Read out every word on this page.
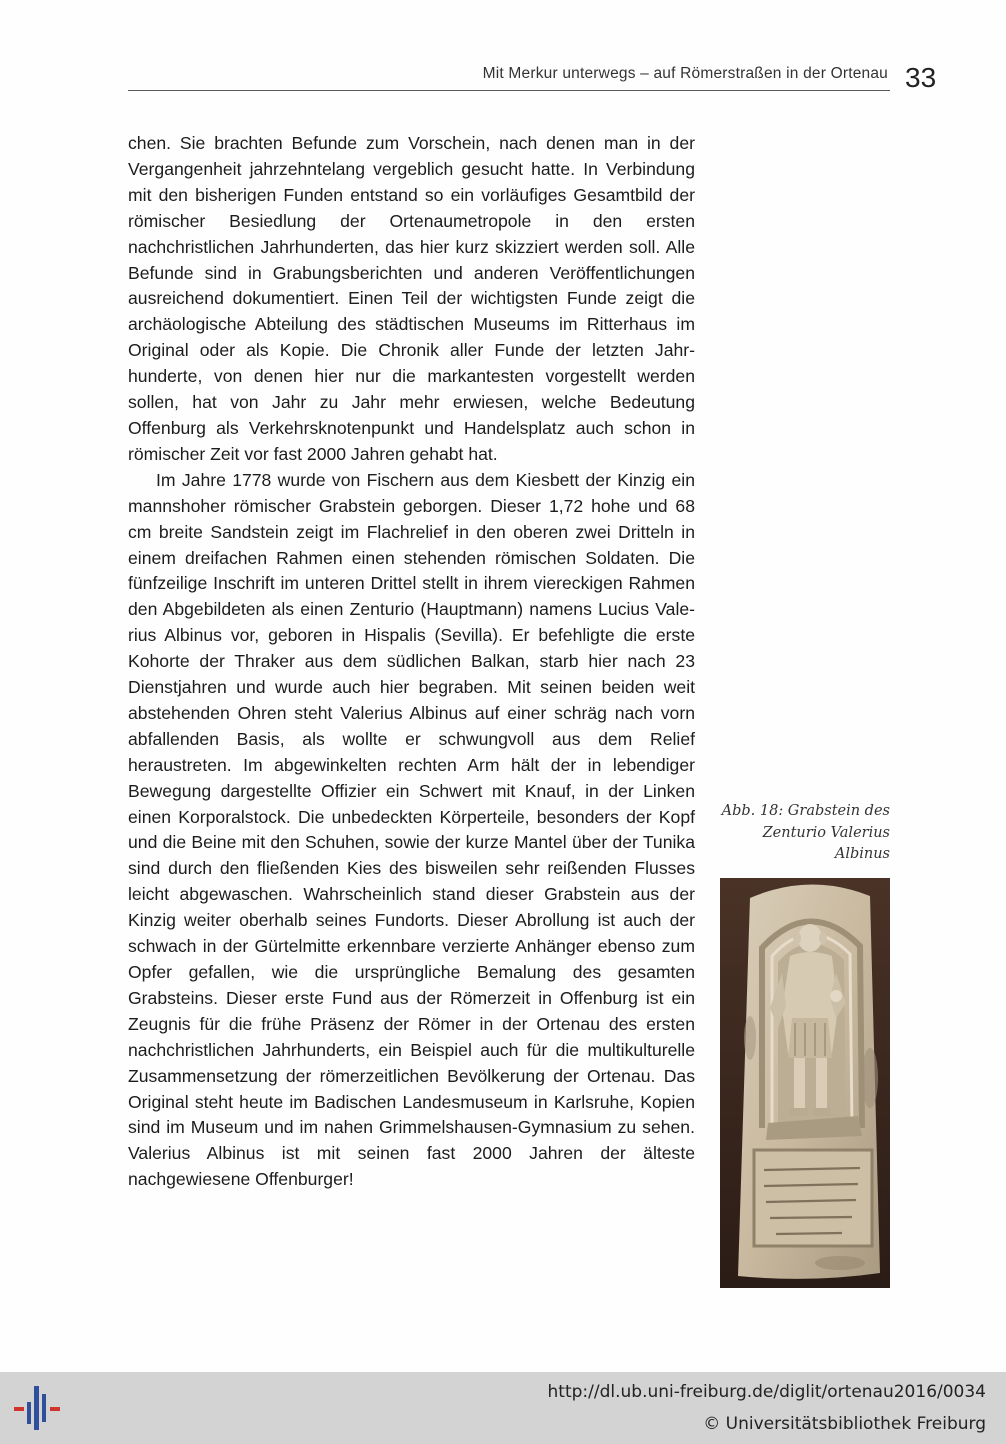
Mit Merkur unterwegs – auf Römerstraßen in der Ortenau 33

chen. Sie brachten Befunde zum Vorschein, nach denen man in der Vergangenheit jahrzehntelang vergeblich gesucht hatte. In Verbindung mit den bisherigen Funden entstand so ein vorläufiges Gesamtbild der römischer Besiedlung der Ortenaumetropole in den ersten nachchristlichen Jahrhunderten, das hier kurz skizziert werden soll. Alle Befunde sind in Grabungsberichten und anderen Veröffentlichungen ausreichend dokumentiert. Einen Teil der wichtigsten Funde zeigt die archäologische Abteilung des städtischen Museums im Ritterhaus im Original oder als Kopie. Die Chronik aller Funde der letzten Jahrhunderte, von denen hier nur die markantesten vorgestellt werden sollen, hat von Jahr zu Jahr mehr erwiesen, welche Bedeutung Offenburg als Verkehrsknotenpunkt und Handelsplatz auch schon in römischer Zeit vor fast 2000 Jahren gehabt hat.

Im Jahre 1778 wurde von Fischern aus dem Kiesbett der Kinzig ein mannshoher römischer Grabstein geborgen. Dieser 1,72 hohe und 68 cm breite Sandstein zeigt im Flachrelief in den oberen zwei Dritteln in einem dreifachen Rahmen einen stehenden römischen Soldaten. Die fünfzeilige Inschrift im unteren Drittel stellt in ihrem viereckigen Rahmen den Abgebildeten als einen Zenturio (Hauptmann) namens Lucius Valerius Albinus vor, geboren in Hispalis (Sevilla). Er befehligte die erste Kohorte der Thraker aus dem südlichen Balkan, starb hier nach 23 Dienstjahren und wurde auch hier begraben. Mit seinen beiden weit abstehenden Ohren steht Valerius Albinus auf einer schräg nach vorn abfallenden Basis, als wollte er schwungvoll aus dem Relief heraustreten. Im abgewinkelten rechten Arm hält der in lebendiger Bewegung dargestellte Offizier ein Schwert mit Knauf, in der Linken einen Korporalstock. Die unbedeckten Körperteile, besonders der Kopf und die Beine mit den Schuhen, sowie der kurze Mantel über der Tunika sind durch den fließenden Kies des bisweilen sehr reißenden Flusses leicht abgewaschen. Wahrscheinlich stand dieser Grabstein aus der Kinzig weiter oberhalb seines Fundorts. Dieser Abrollung ist auch der schwach in der Gürtelmitte erkennbare verzierte Anhänger ebenso zum Opfer gefallen, wie die ursprüngliche Bemalung des gesamten Grabsteins. Dieser erste Fund aus der Römerzeit in Offenburg ist ein Zeugnis für die frühe Präsenz der Römer in der Ortenau des ersten nachchristlichen Jahrhunderts, ein Beispiel auch für die multikulturelle Zusammensetzung der römerzeitlichen Bevölkerung der Ortenau. Das Original steht heute im Badischen Landesmuseum in Karlsruhe, Kopien sind im Museum und im nahen Grimmelshausen-Gymnasium zu sehen. Valerius Albinus ist mit seinen fast 2000 Jahren der älteste nachgewiesene Offenburger!

Abb. 18: Grabstein des Zenturio Valerius Albinus
http://dl.ub.uni-freiburg.de/diglit/ortenau2016/0034
© Universitätsbibliothek Freiburg
